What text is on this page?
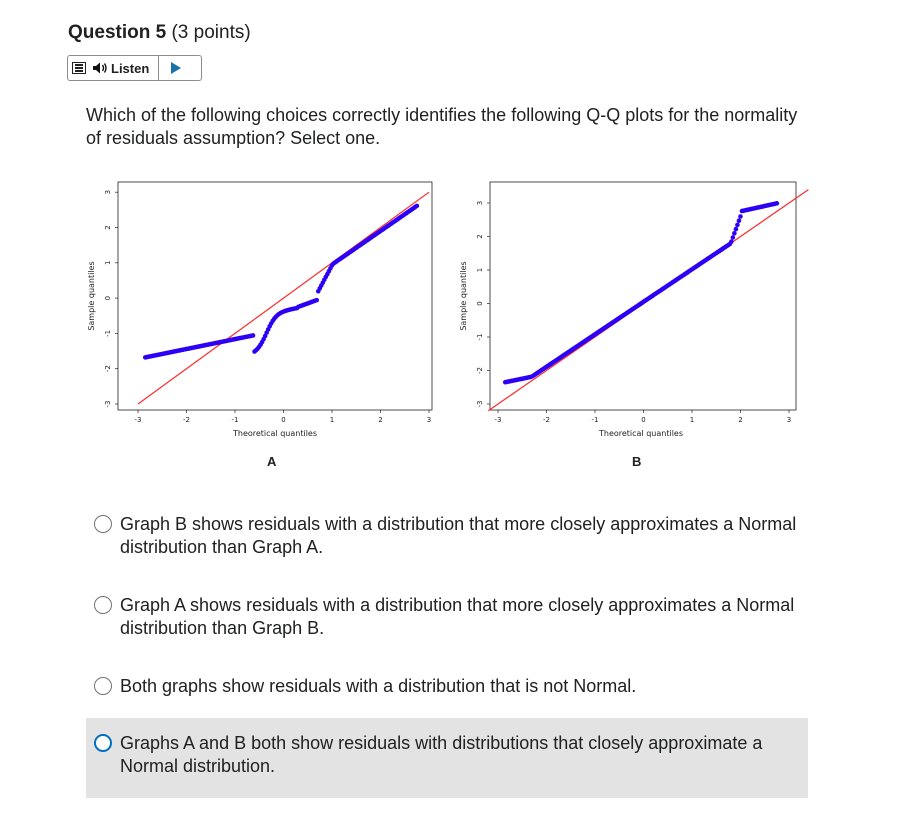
Question 5 (3 points)
Listen
Which of the following choices correctly identifies the following Q-Q plots for the normality of residuals assumption? Select one.
-3	-2	-1	0	1	2	3
3
2
1
0
-1
-2
-3
Theoretical quantiles
Sample quantiles
-3	-2	-1	0	1	2	3
3
2
1
0
-1
-2
-3
Theoretical quantiles
Sample quantiles
A	B
Graph B shows residuals with a distribution that more closely approximates a Normal distribution than Graph A.
Graph A shows residuals with a distribution that more closely approximates a Normal distribution than Graph B.
Both graphs show residuals with a distribution that is not Normal.
Graphs A and B both show residuals with distributions that closely approximate a Normal distribution.
